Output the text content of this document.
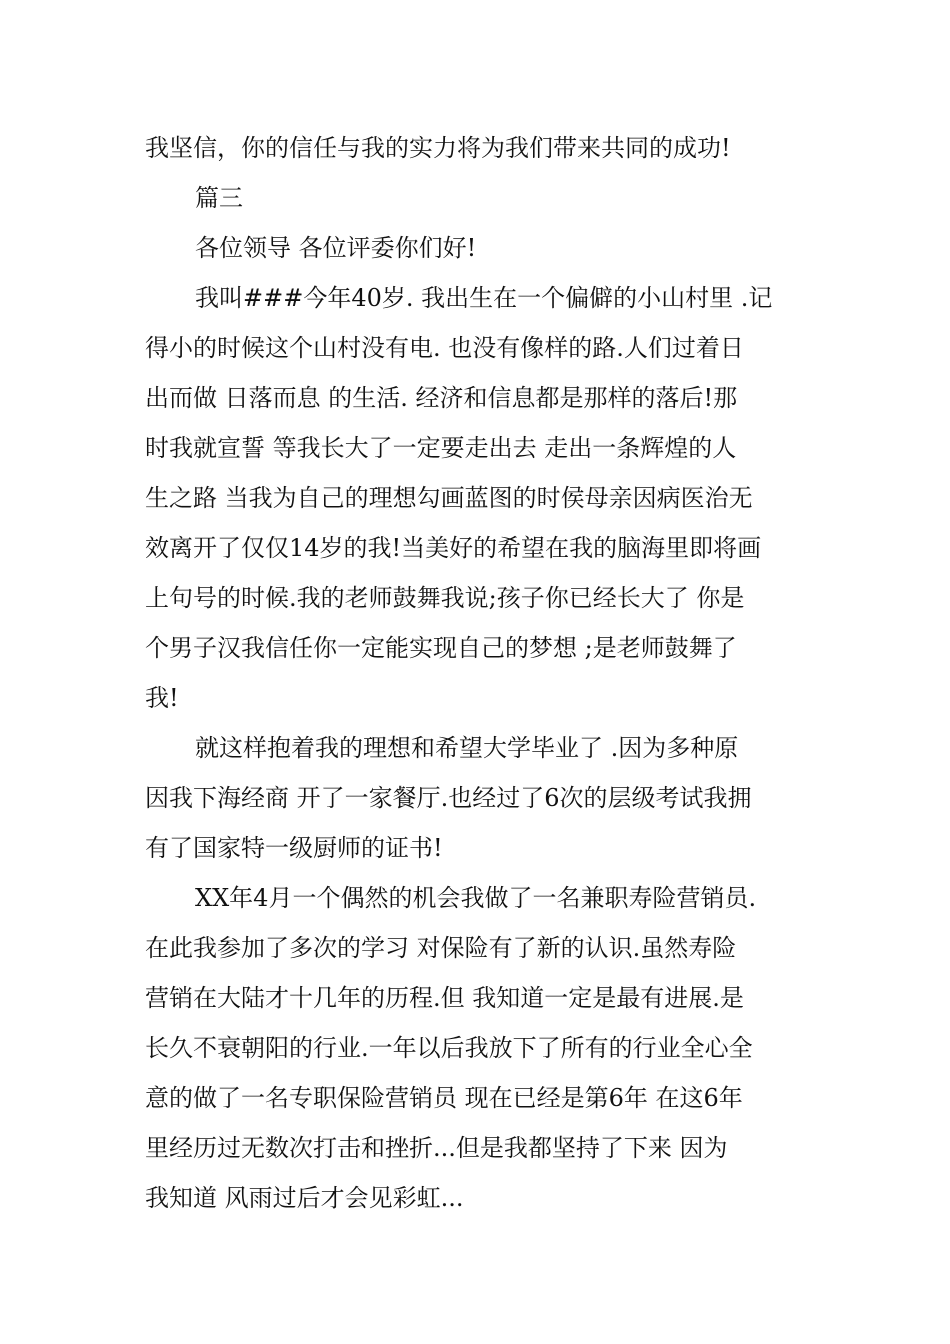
我坚信，你的信任与我的实力将为我们带来共同的成功!
篇三
各位领导 各位评委你们好!
我叫###今年40岁. 我出生在一个偏僻的小山村里 .记
得小的时候这个山村没有电. 也没有像样的路.人们过着日
出而做 日落而息 的生活. 经济和信息都是那样的落后!那
时我就宣誓 等我长大了一定要走出去 走出一条辉煌的人
生之路 当我为自己的理想勾画蓝图的时侯母亲因病医治无
效离开了仅仅14岁的我!当美好的希望在我的脑海里即将画
上句号的时候.我的老师鼓舞我说;孩子你已经长大了 你是
个男子汉我信任你一定能实现自己的梦想 ;是老师鼓舞了
我!
就这样抱着我的理想和希望大学毕业了 .因为多种原
因我下海经商 开了一家餐厅.也经过了6次的层级考试我拥
有了国家特一级厨师的证书!
XX年4月一个偶然的机会我做了一名兼职寿险营销员.
在此我参加了多次的学习 对保险有了新的认识.虽然寿险
营销在大陆才十几年的历程.但 我知道一定是最有进展.是
长久不衰朝阳的行业.一年以后我放下了所有的行业全心全
意的做了一名专职保险营销员 现在已经是第6年 在这6年
里经历过无数次打击和挫折...但是我都坚持了下来 因为
我知道 风雨过后才会见彩虹...
